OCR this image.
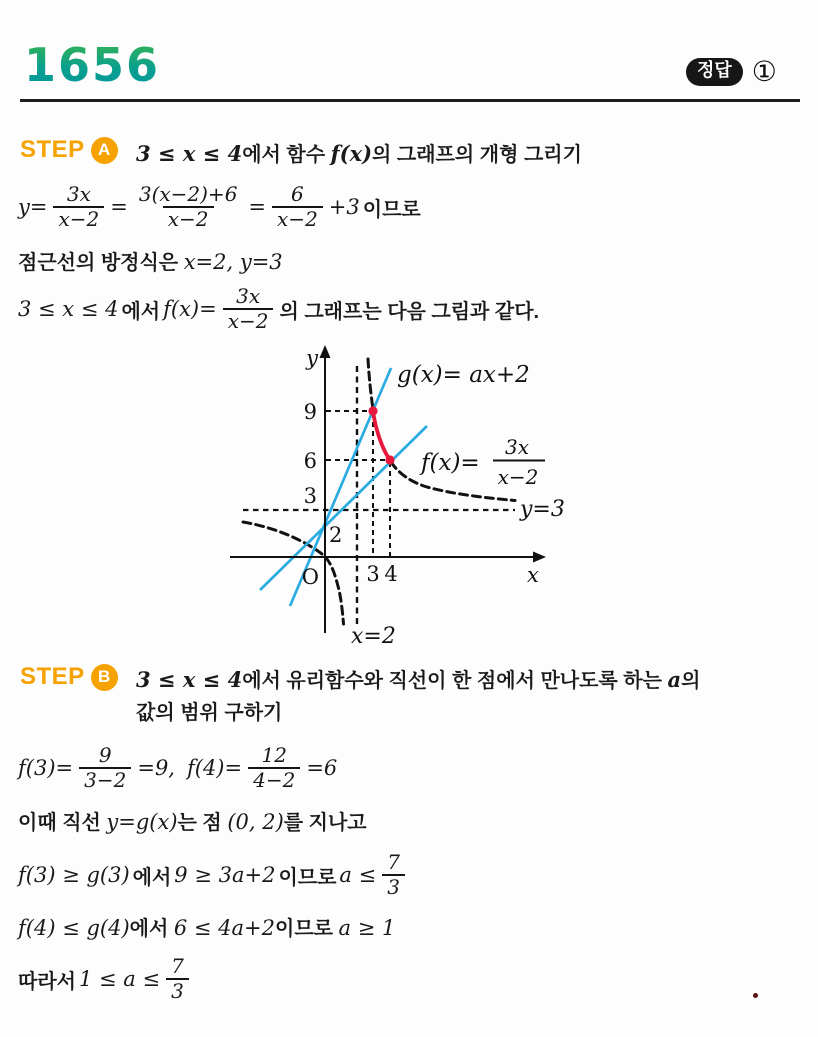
1656	정답 ①
STEP A	3 ≤ x ≤ 4에서 함수 f(x)의 그래프의 개형 그리기
$y= \frac{3x}{x-2} = \frac{3(x-2)+6}{x-2} = \frac{6}{x-2} +3$ 이므로
점근선의 방정식은 x=2, y=3
3 ≤ x ≤ 4 에서 $f(x)= \frac{3x}{x-2}$ 의 그래프는 다음 그림과 같다.
y
x
O
9
6
3
2
3 4
g(x)= ax+2
f(x)=
3x
x−2
y=3
x=2
STEP B	3 ≤ x ≤ 4에서 유리함수와 직선이 한 점에서 만나도록 하는 a의
값의 범위 구하기
$f(3)= \frac{9}{3-2} =9$, $f(4)= \frac{12}{4-2} =6$
이때 직선 y=g(x)는 점 (0, 2)를 지나고
f(3) ≥ g(3) 에서 9 ≥ 3a+2 이므로 $a \le \frac{7}{3}$
f(4) ≤ g(4)에서 6 ≤ 4a+2이므로 a ≥ 1
따라서 $1 \le a \le \frac{7}{3}$
